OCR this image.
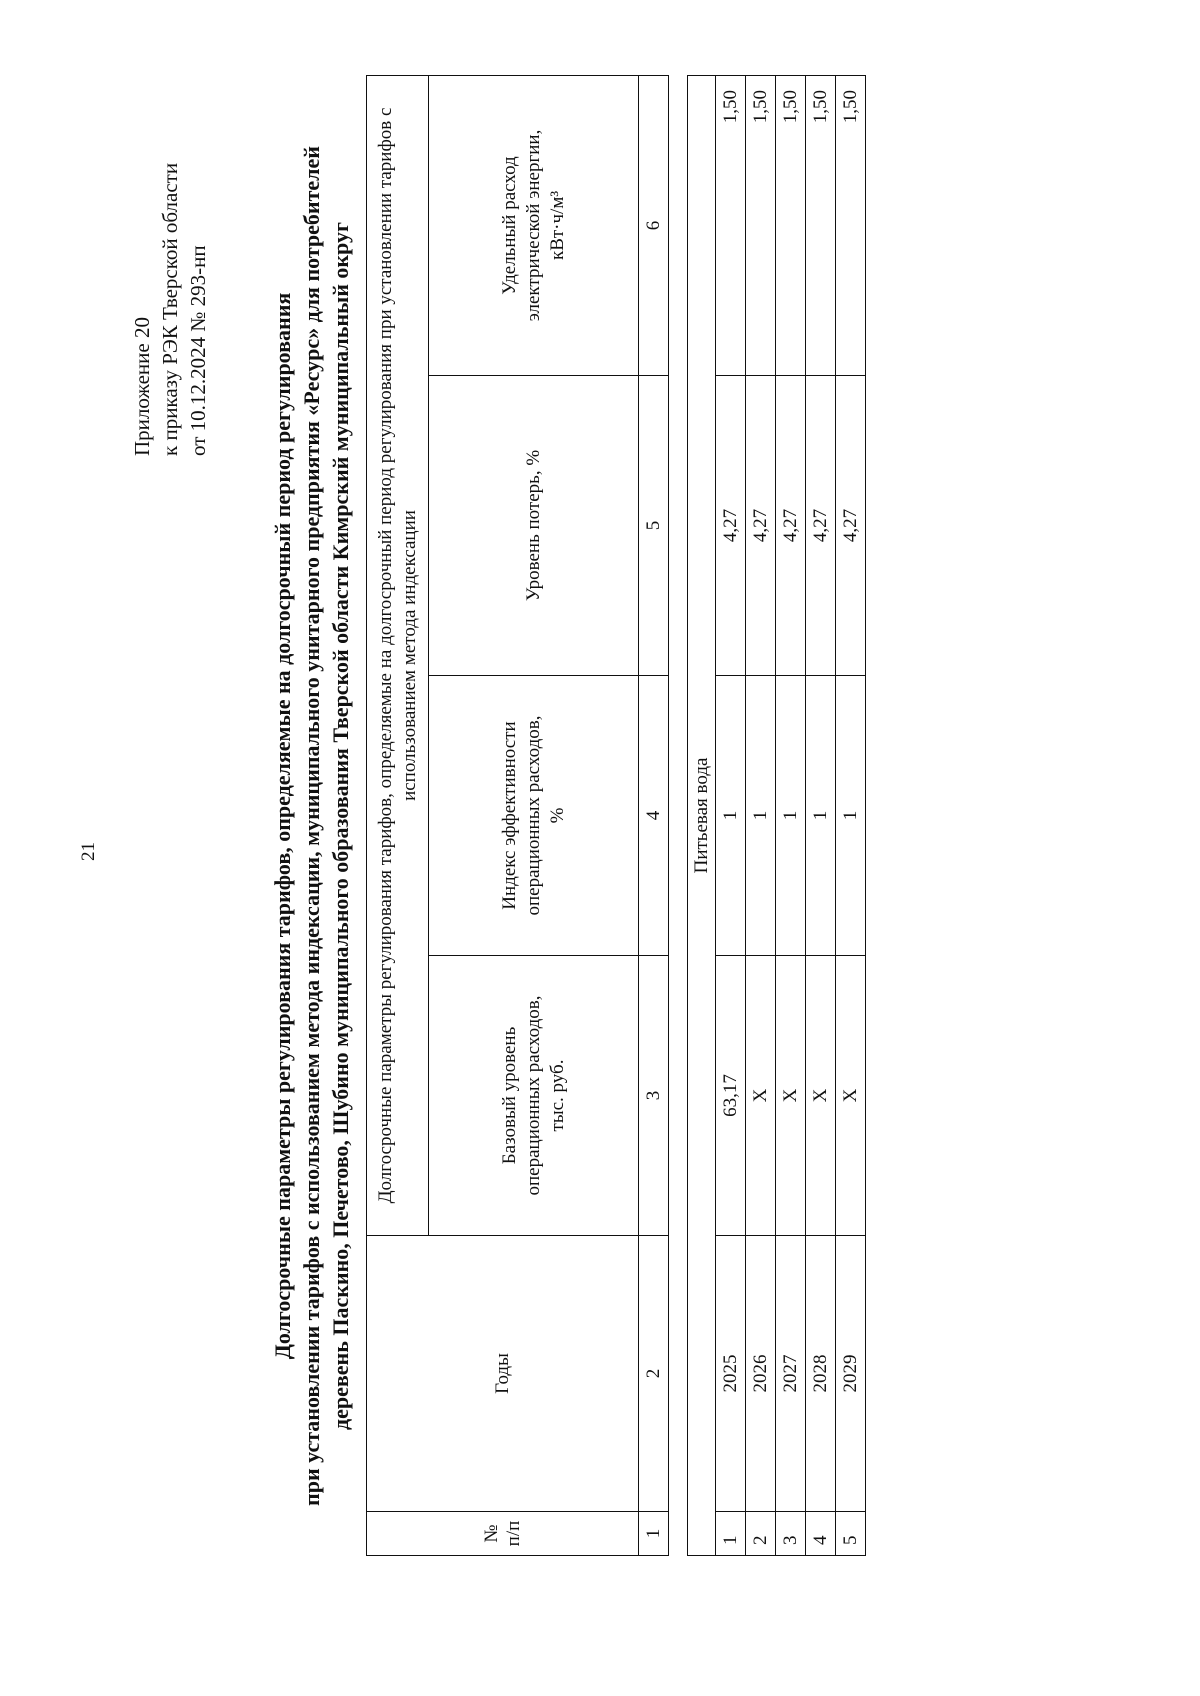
21
Приложение 20 к приказу РЭК Тверской области от 10.12.2024 № 293-нп	Долгосрочные параметры регулирования тарифов, определяемые на долгосрочный период регулирования при установлении тарифов с использованием метода индексации, муниципального унитарного предприятия «Ресурс» для потребителей деревень Паскино, Печетово, Шубино муниципального образования Тверской области Кимрский муниципальный округ
№ п/п	Годы	Долгосрочные параметры регулирования тарифов, определяемые на долгосрочный период регулирования при установлении тарифов с использованием метода индексации			
		Базовый уровень операционных расходов, тыс. руб.	Индекс эффективности операционных расходов, %	Уровень потерь, %	Удельный расход электрической энергии, кВт·ч/м³
1	2	3	4	5	6

Питьевая вода					
1	2025	63,17	1	4,27	1,50
2	2026	X	1	4,27	1,50
3	2027	X	1	4,27	1,50
4	2028	X	1	4,27	1,50
5	2029	X	1	4,27	1,50
